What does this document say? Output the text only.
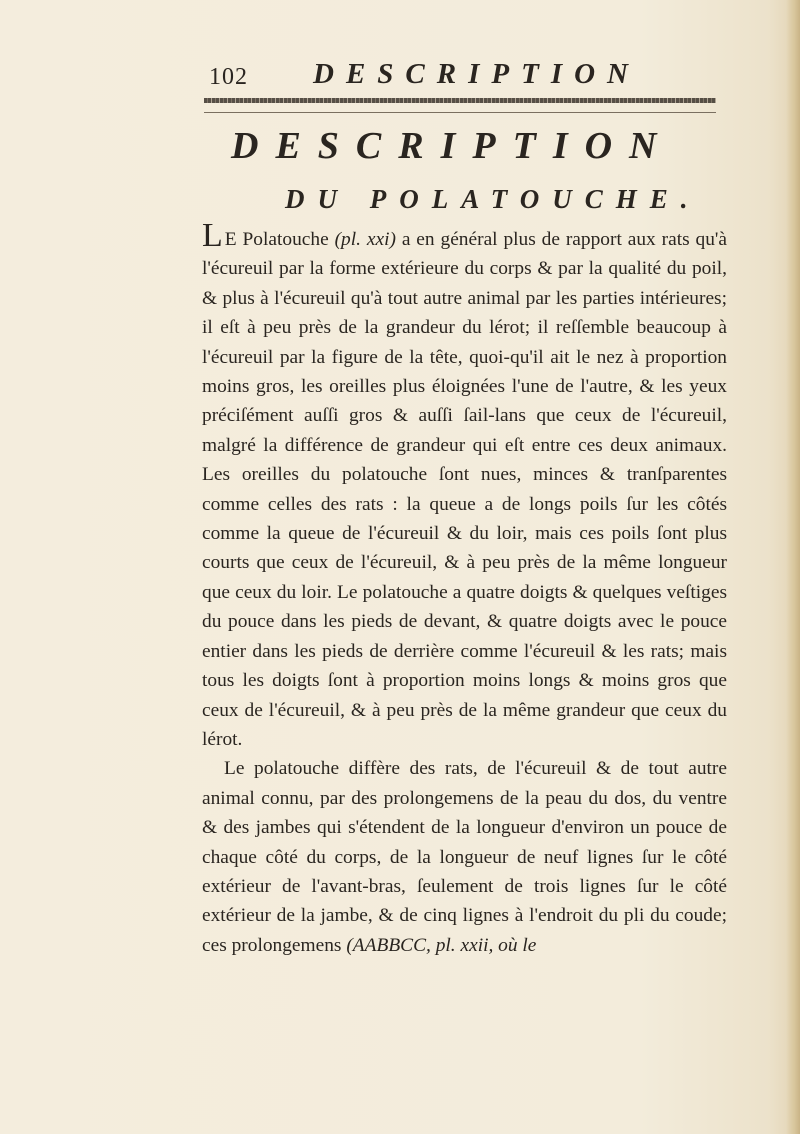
102 DESCRIPTION
DESCRIPTION
DU POLATOUCHE.

L E Polatouche (pl. xxi) a en général plus de rapport aux rats qu'à l'écureuil par la forme extérieure du corps & par la qualité du poil, & plus à l'écureuil qu'à tout autre animal par les parties intérieures; il eſt à peu près de la grandeur du lérot; il reſſemble beaucoup à l'écureuil par la figure de la tête, quoi-qu'il ait le nez à proportion moins gros, les oreilles plus éloignées l'une de l'autre, & les yeux préciſément auſſi gros & auſſi ſail-lans que ceux de l'écureuil, malgré la différence de grandeur qui eſt entre ces deux animaux. Les oreilles du polatouche ſont nues, minces & tranſparentes comme celles des rats : la queue a de longs poils ſur les côtés comme la queue de l'écureuil & du loir, mais ces poils ſont plus courts que ceux de l'écureuil, & à peu près de la même longueur que ceux du loir. Le polatouche a quatre doigts & quelques veſtiges du pouce dans les pieds de devant, & quatre doigts avec le pouce entier dans les pieds de derrière comme l'écureuil & les rats; mais tous les doigts ſont à proportion moins longs & moins gros que ceux de l'écureuil, & à peu près de la même grandeur que ceux du lérot.

Le polatouche diffère des rats, de l'écureuil & de tout autre animal connu, par des prolongemens de la peau du dos, du ventre & des jambes qui s'étendent de la longueur d'environ un pouce de chaque côté du corps, de la longueur de neuf lignes ſur le côté extérieur de l'avant-bras, ſeulement de trois lignes ſur le côté extérieur de la jambe, & de cinq lignes à l'endroit du pli du coude; ces prolongemens (AABBCC, pl. xxii, où le
